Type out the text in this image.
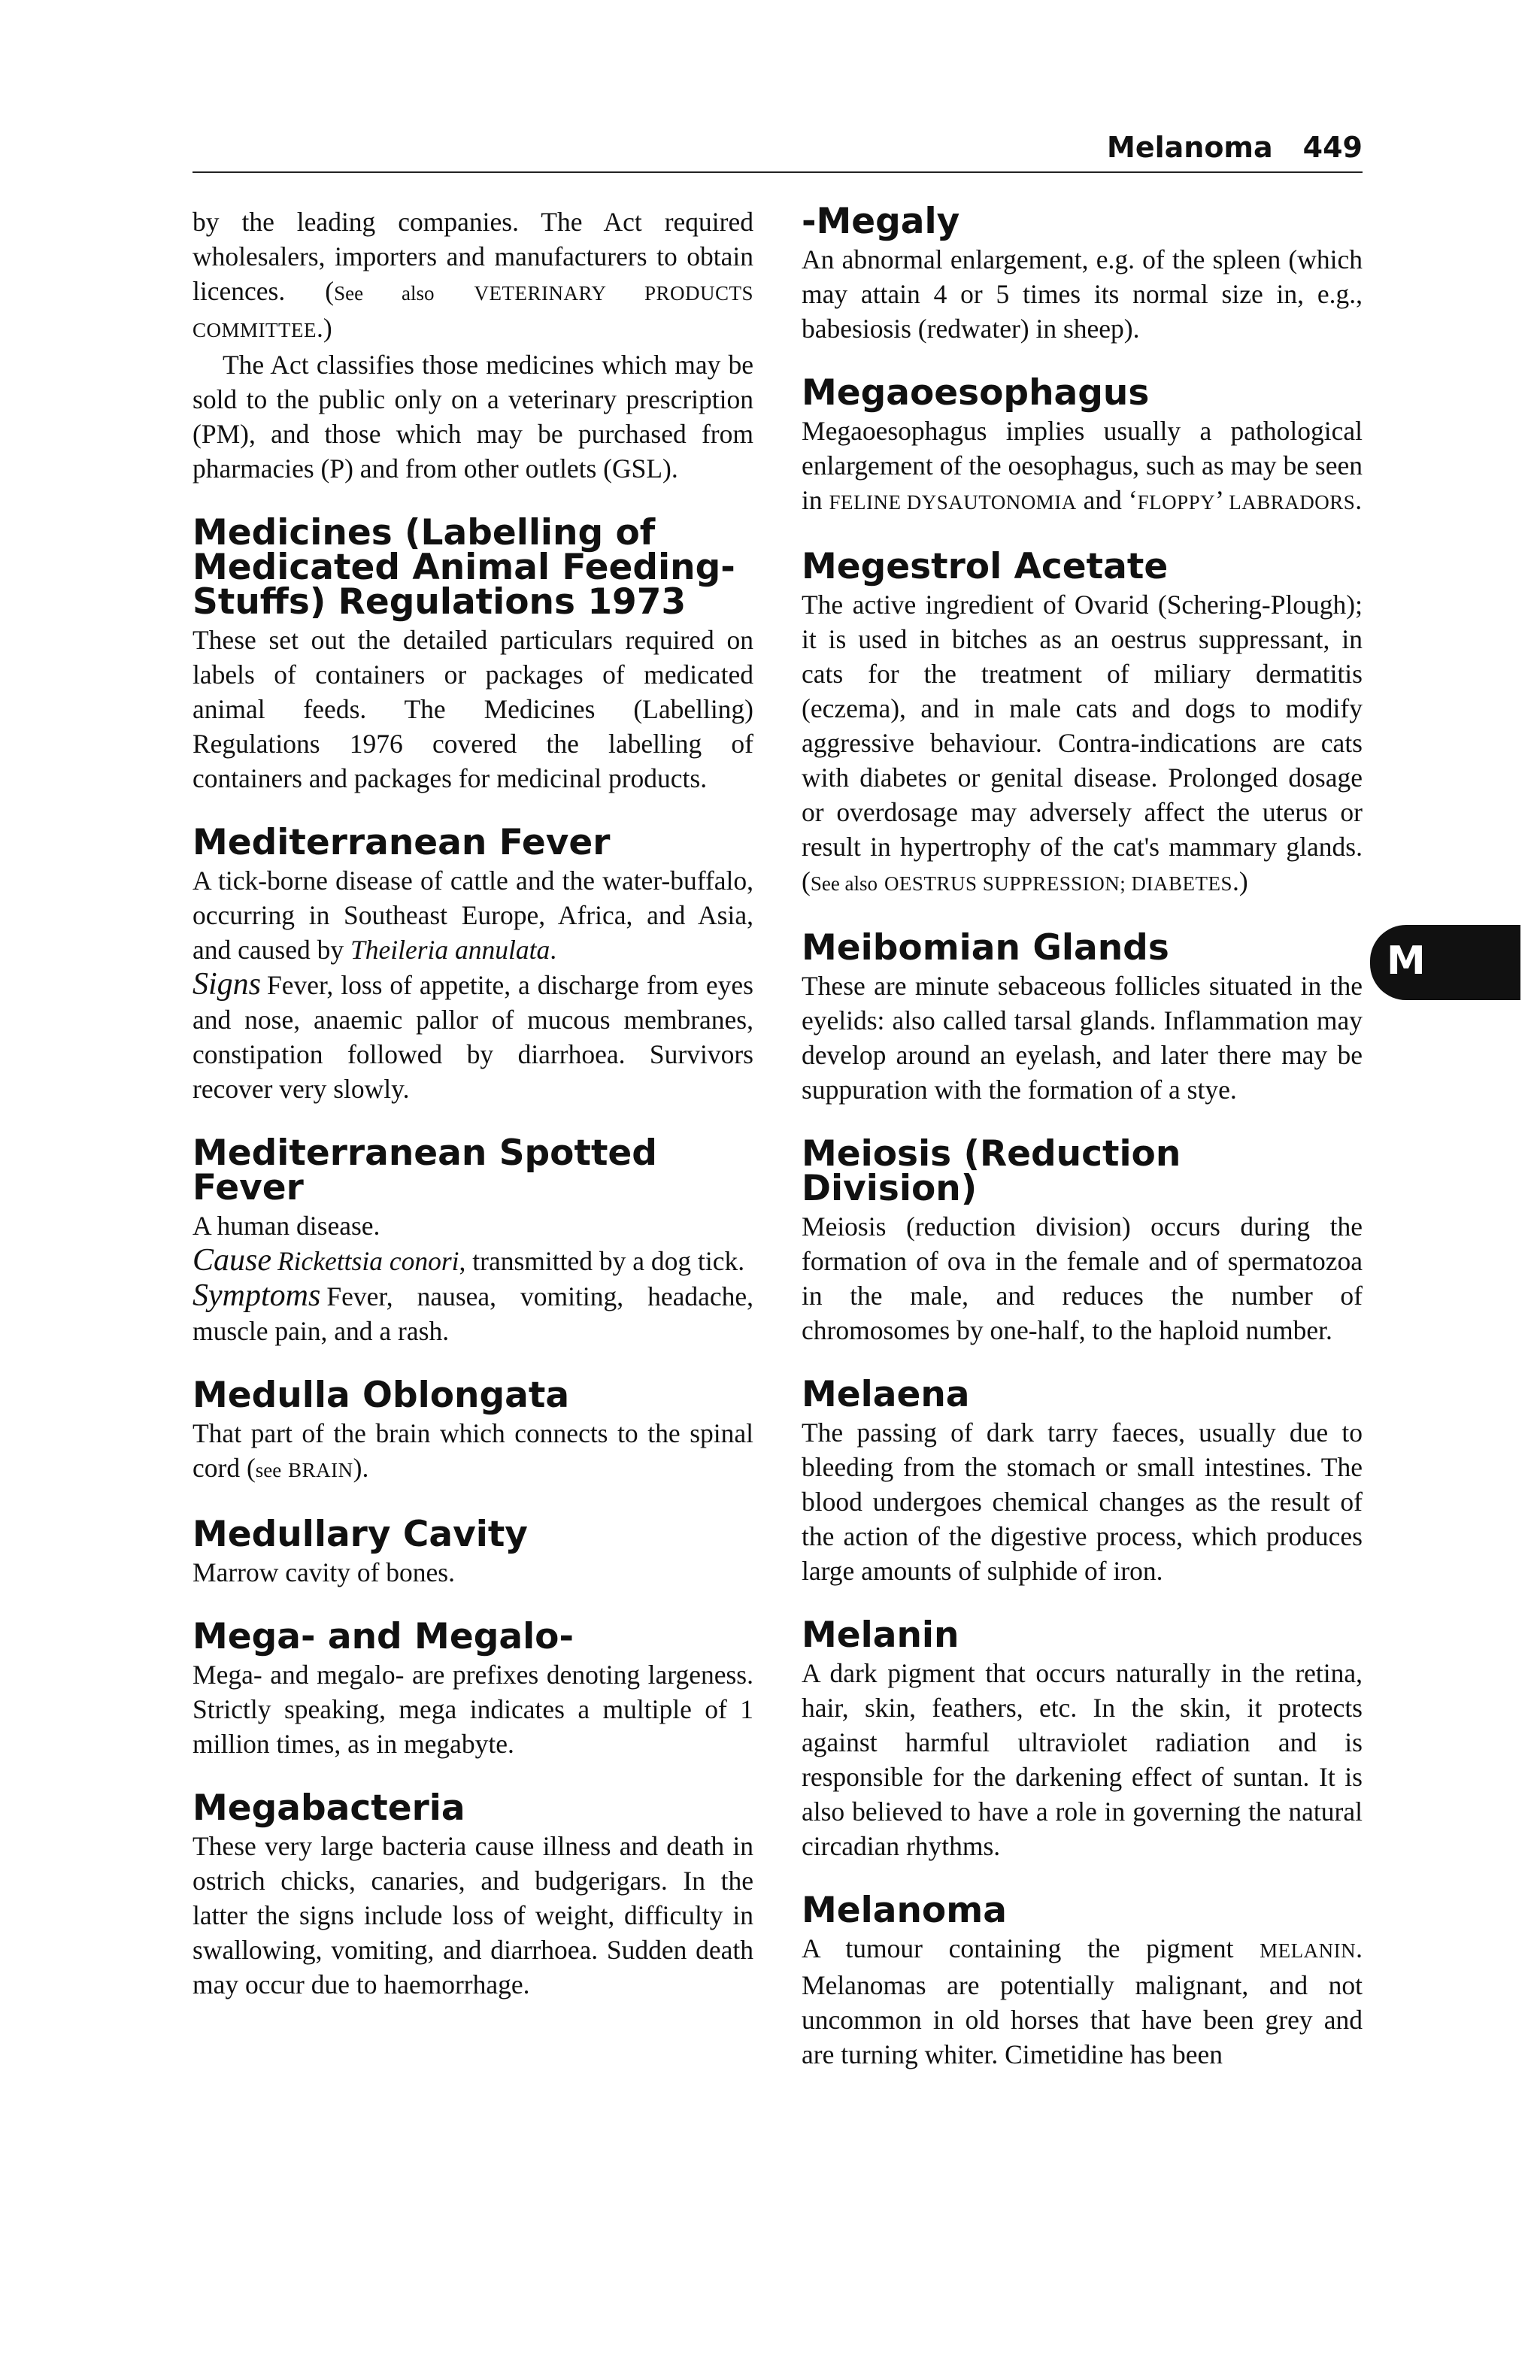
Melanoma 449
M

by the leading companies. The Act required wholesalers, importers and manufacturers to obtain licences. (See also VETERINARY PRODUCTS COMMITTEE.)

The Act classifies those medicines which may be sold to the public only on a veterinary prescription (PM), and those which may be purchased from pharmacies (P) and from other outlets (GSL).

Medicines (Labelling of Medicated Animal Feeding-Stuffs) Regulations 1973

These set out the detailed particulars required on labels of containers or packages of medicated animal feeds. The Medicines (Labelling) Regulations 1976 covered the labelling of containers and packages for medicinal products.

Mediterranean Fever

A tick-borne disease of cattle and the water-buffalo, occurring in Southeast Europe, Africa, and Asia, and caused by Theileria annulata.

Signs Fever, loss of appetite, a discharge from eyes and nose, anaemic pallor of mucous membranes, constipation followed by diarrhoea. Survivors recover very slowly.

Mediterranean Spotted Fever

A human disease.

Cause Rickettsia conori, transmitted by a dog tick.

Symptoms Fever, nausea, vomiting, headache, muscle pain, and a rash.

Medulla Oblongata

That part of the brain which connects to the spinal cord (see BRAIN).

Medullary Cavity

Marrow cavity of bones.

Mega- and Megalo-

Mega- and megalo- are prefixes denoting largeness. Strictly speaking, mega indicates a multiple of 1 million times, as in megabyte.

Megabacteria

These very large bacteria cause illness and death in ostrich chicks, canaries, and budgerigars. In the latter the signs include loss of weight, difficulty in swallowing, vomiting, and diarrhoea. Sudden death may occur due to haemorrhage.

-Megaly

An abnormal enlargement, e.g. of the spleen (which may attain 4 or 5 times its normal size in, e.g., babesiosis (redwater) in sheep).

Megaoesophagus

Megaoesophagus implies usually a pathological enlargement of the oesophagus, such as may be seen in FELINE DYSAUTONOMIA and ‘FLOPPY’ LABRADORS.

Megestrol Acetate

The active ingredient of Ovarid (Schering-Plough); it is used in bitches as an oestrus suppressant, in cats for the treatment of miliary dermatitis (eczema), and in male cats and dogs to modify aggressive behaviour. Contra-indications are cats with diabetes or genital disease. Prolonged dosage or overdosage may adversely affect the uterus or result in hypertrophy of the cat's mammary glands. (See also OESTRUS SUPPRESSION; DIABETES.)

Meibomian Glands

These are minute sebaceous follicles situated in the eyelids: also called tarsal glands. Inflammation may develop around an eyelash, and later there may be suppuration with the formation of a stye.

Meiosis (Reduction Division)

Meiosis (reduction division) occurs during the formation of ova in the female and of spermatozoa in the male, and reduces the number of chromosomes by one-half, to the haploid number.

Melaena

The passing of dark tarry faeces, usually due to bleeding from the stomach or small intestines. The blood undergoes chemical changes as the result of the action of the digestive process, which produces large amounts of sulphide of iron.

Melanin

A dark pigment that occurs naturally in the retina, hair, skin, feathers, etc. In the skin, it protects against harmful ultraviolet radiation and is responsible for the darkening effect of suntan. It is also believed to have a role in governing the natural circadian rhythms.

Melanoma

A tumour containing the pigment MELANIN. Melanomas are potentially malignant, and not uncommon in old horses that have been grey and are turning whiter. Cimetidine has been
